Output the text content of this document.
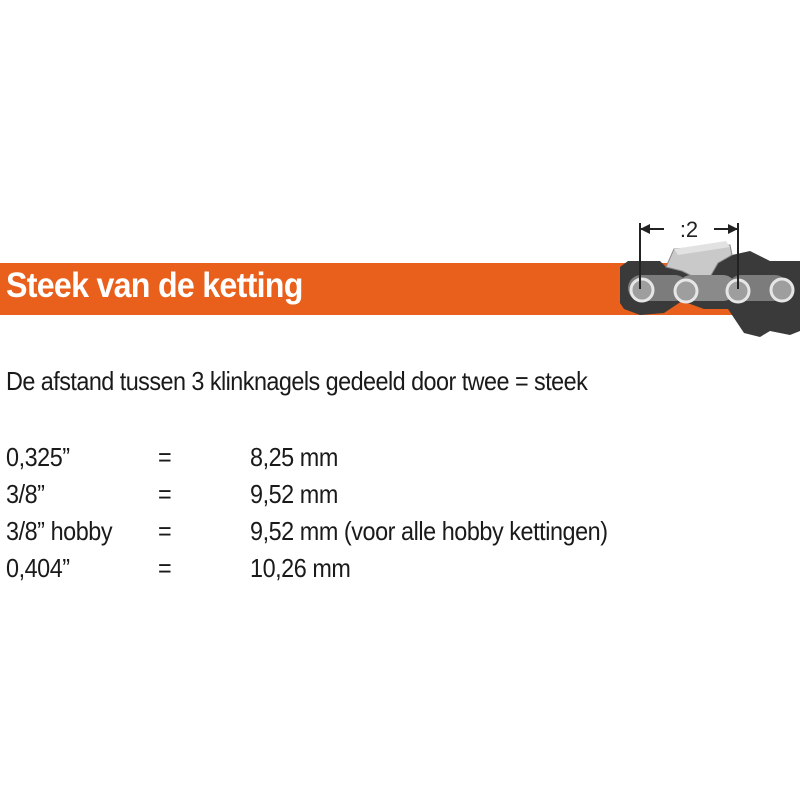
Steek van de ketting
:2
De afstand tussen 3 klinknagels gedeeld door twee = steek
0,325”	=	8,25 mm
3/8”	=	9,52 mm
3/8” hobby =	9,52 mm (voor alle hobby kettingen)
0,404”	=	10,26 mm
